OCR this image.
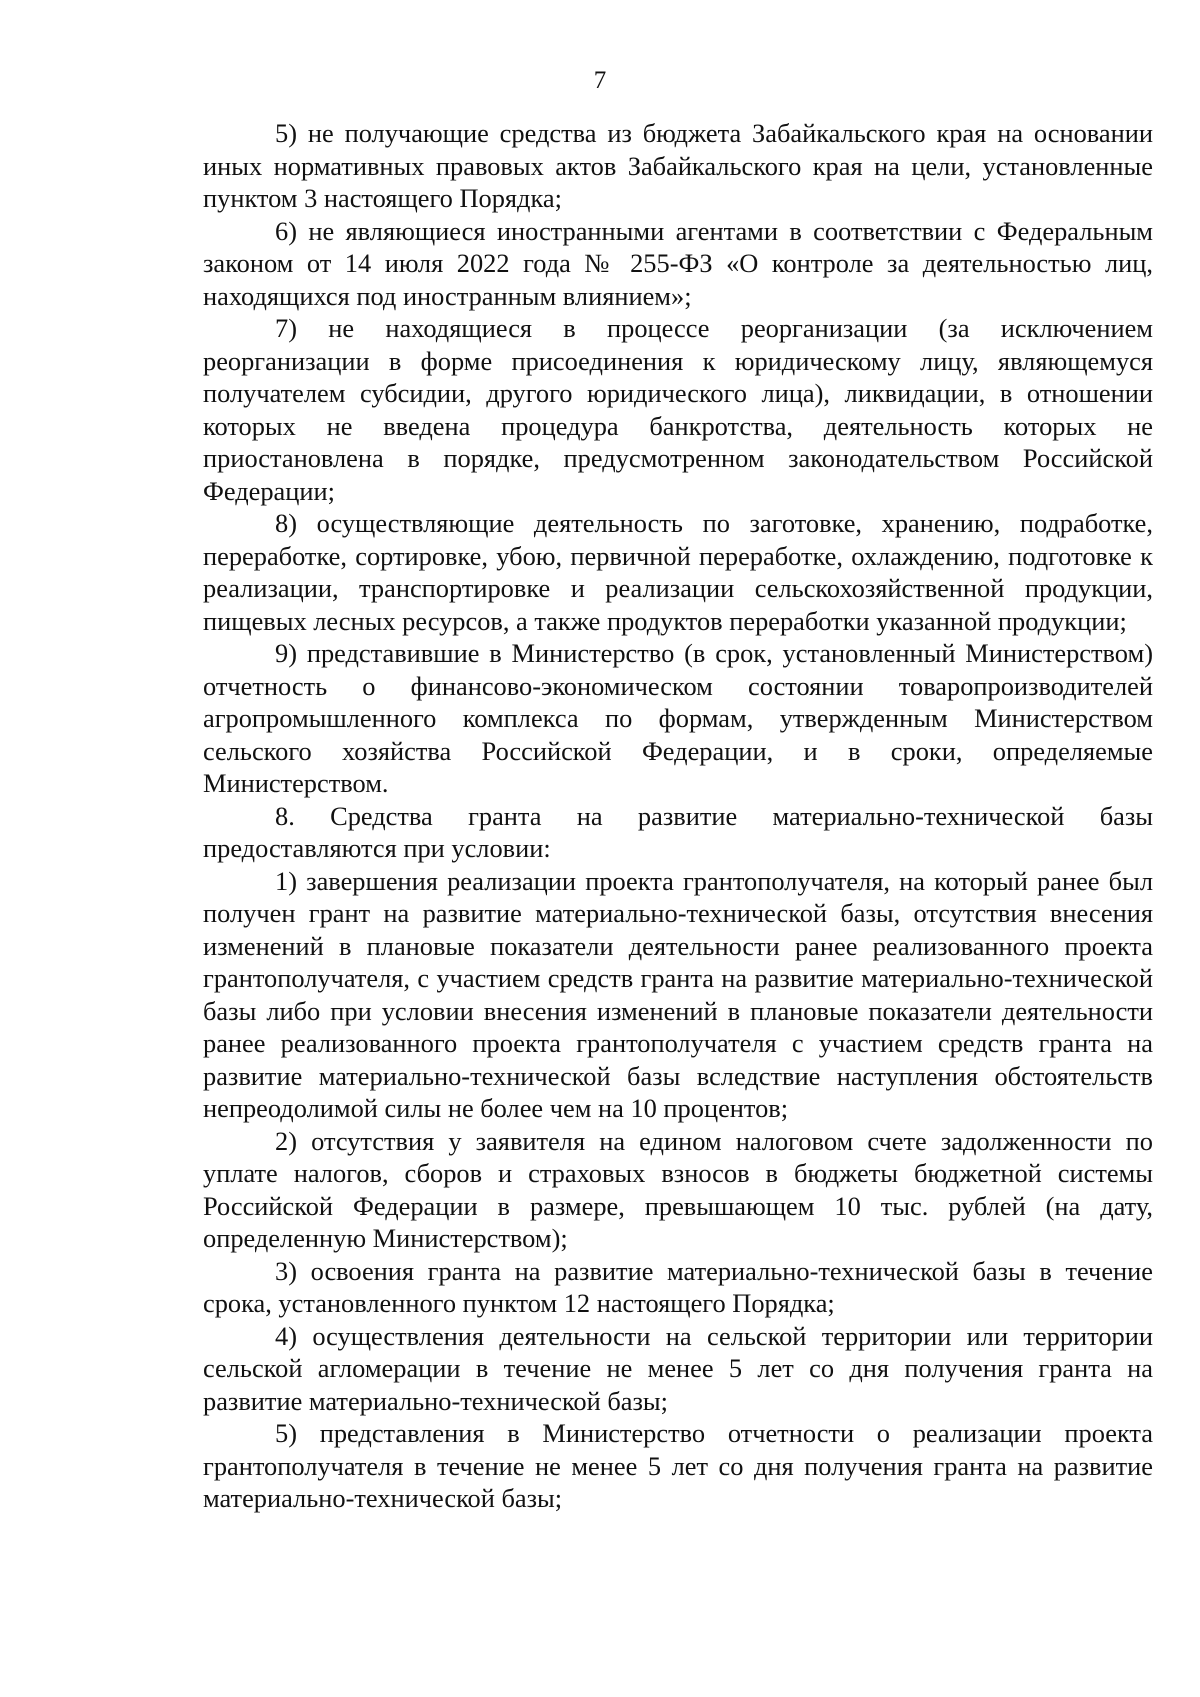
7

5) не получающие средства из бюджета Забайкальского края на основании иных нормативных правовых актов Забайкальского края на цели, установленные пунктом 3 настоящего Порядка;

6) не являющиеся иностранными агентами в соответствии с Федеральным законом от 14 июля 2022 года № 255-ФЗ «О контроле за деятельностью лиц, находящихся под иностранным влиянием»;

7) не находящиеся в процессе реорганизации (за исключением реорганизации в форме присоединения к юридическому лицу, являющемуся получателем субсидии, другого юридического лица), ликвидации, в отношении которых не введена процедура банкротства, деятельность которых не приостановлена в порядке, предусмотренном законодательством Российской Федерации;

8) осуществляющие деятельность по заготовке, хранению, подработке, переработке, сортировке, убою, первичной переработке, охлаждению, подготовке к реализации, транспортировке и реализации сельскохозяйственной продукции, пищевых лесных ресурсов, а также продуктов переработки указанной продукции;

9) представившие в Министерство (в срок, установленный Министерством) отчетность о финансово-экономическом состоянии товаропроизводителей агропромышленного комплекса по формам, утвержденным Министерством сельского хозяйства Российской Федерации, и в сроки, определяемые Министерством.

8. Средства гранта на развитие материально-технической базы предоставляются при условии:

1) завершения реализации проекта грантополучателя, на который ранее был получен грант на развитие материально-технической базы, отсутствия внесения изменений в плановые показатели деятельности ранее реализованного проекта грантополучателя, с участием средств гранта на развитие материально-технической базы либо при условии внесения изменений в плановые показатели деятельности ранее реализованного проекта грантополучателя с участием средств гранта на развитие материально-технической базы вследствие наступления обстоятельств непреодолимой силы не более чем на 10 процентов;

2) отсутствия у заявителя на едином налоговом счете задолженности по уплате налогов, сборов и страховых взносов в бюджеты бюджетной системы Российской Федерации в размере, превышающем 10 тыс. рублей (на дату, определенную Министерством);

3) освоения гранта на развитие материально-технической базы в течение срока, установленного пунктом 12 настоящего Порядка;

4) осуществления деятельности на сельской территории или территории сельской агломерации в течение не менее 5 лет со дня получения гранта на развитие материально-технической базы;

5) представления в Министерство отчетности о реализации проекта грантополучателя в течение не менее 5 лет со дня получения гранта на развитие материально-технической базы;
